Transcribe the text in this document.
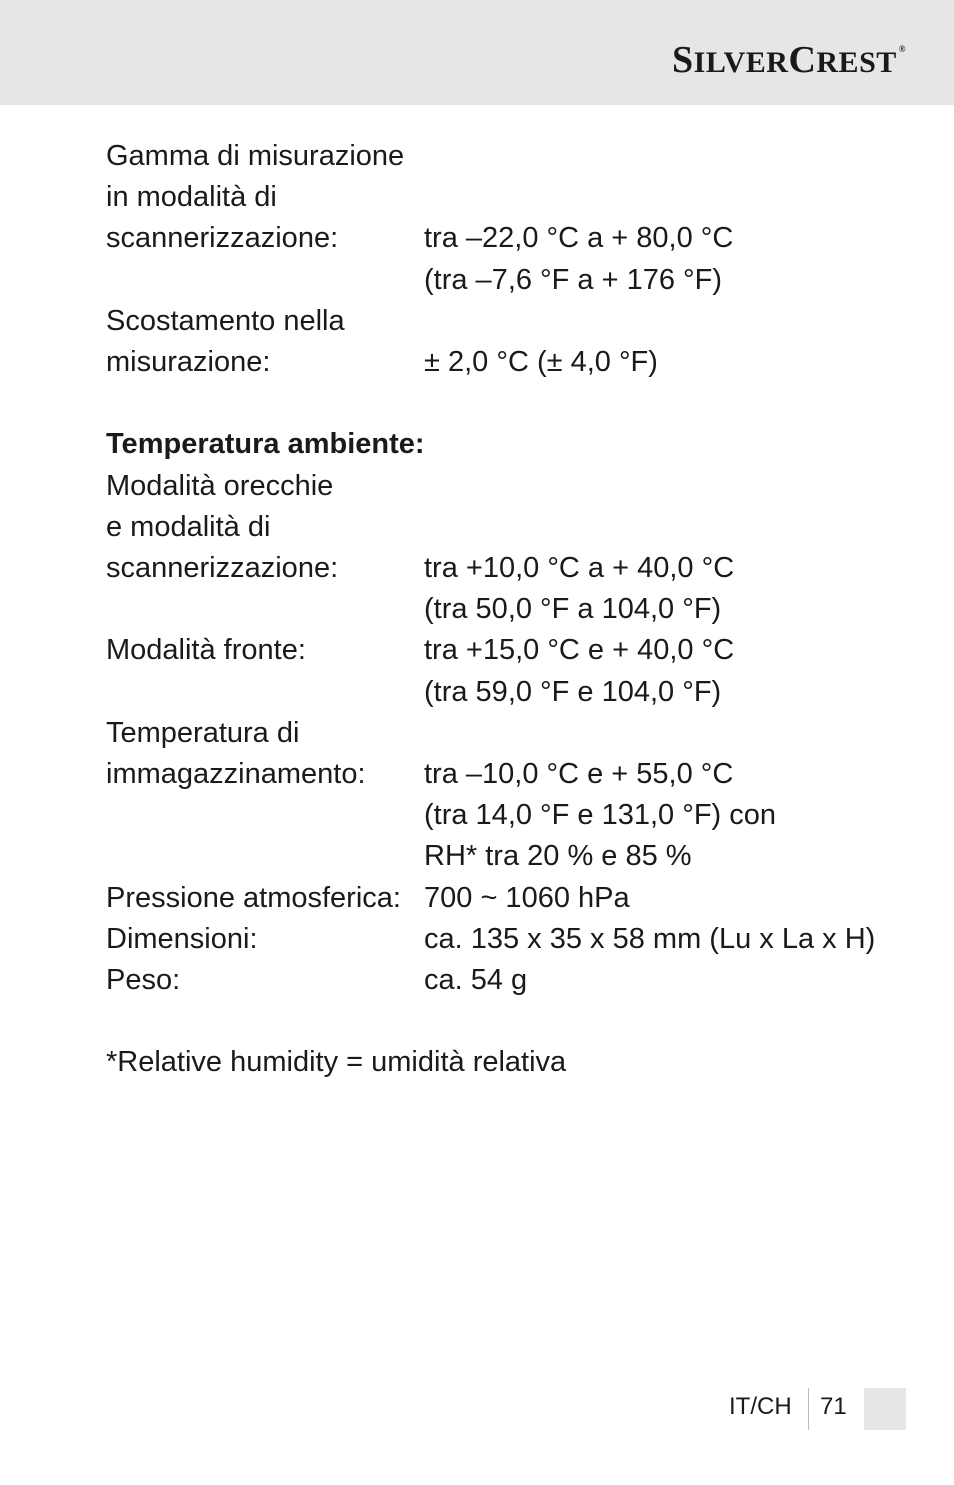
SILVERCREST ®
Gamma di misurazione
in modalità di
scannerizzazione:	tra –22,0 °C a + 80,0 °C
(tra –7,6 °F a + 176 °F)
Scostamento nella
misurazione:	± 2,0 °C (± 4,0 °F)
Temperatura ambiente:
Modalità orecchie
e modalità di
scannerizzazione:	tra +10,0 °C a + 40,0 °C
(tra 50,0 °F a 104,0 °F)
Modalità fronte:	tra +15,0 °C e + 40,0 °C
(tra 59,0 °F e 104,0 °F)
Temperatura di
immagazzinamento:	tra –10,0 °C e + 55,0 °C
(tra 14,0 °F e 131,0 °F) con
RH* tra 20 % e 85 %
Pressione atmosferica: 700 ~ 1060 hPa
Dimensioni:	ca. 135 x 35 x 58 mm (Lu x La x H)
Peso:	ca. 54 g
*Relative humidity = umidità relativa
IT/CH 71
